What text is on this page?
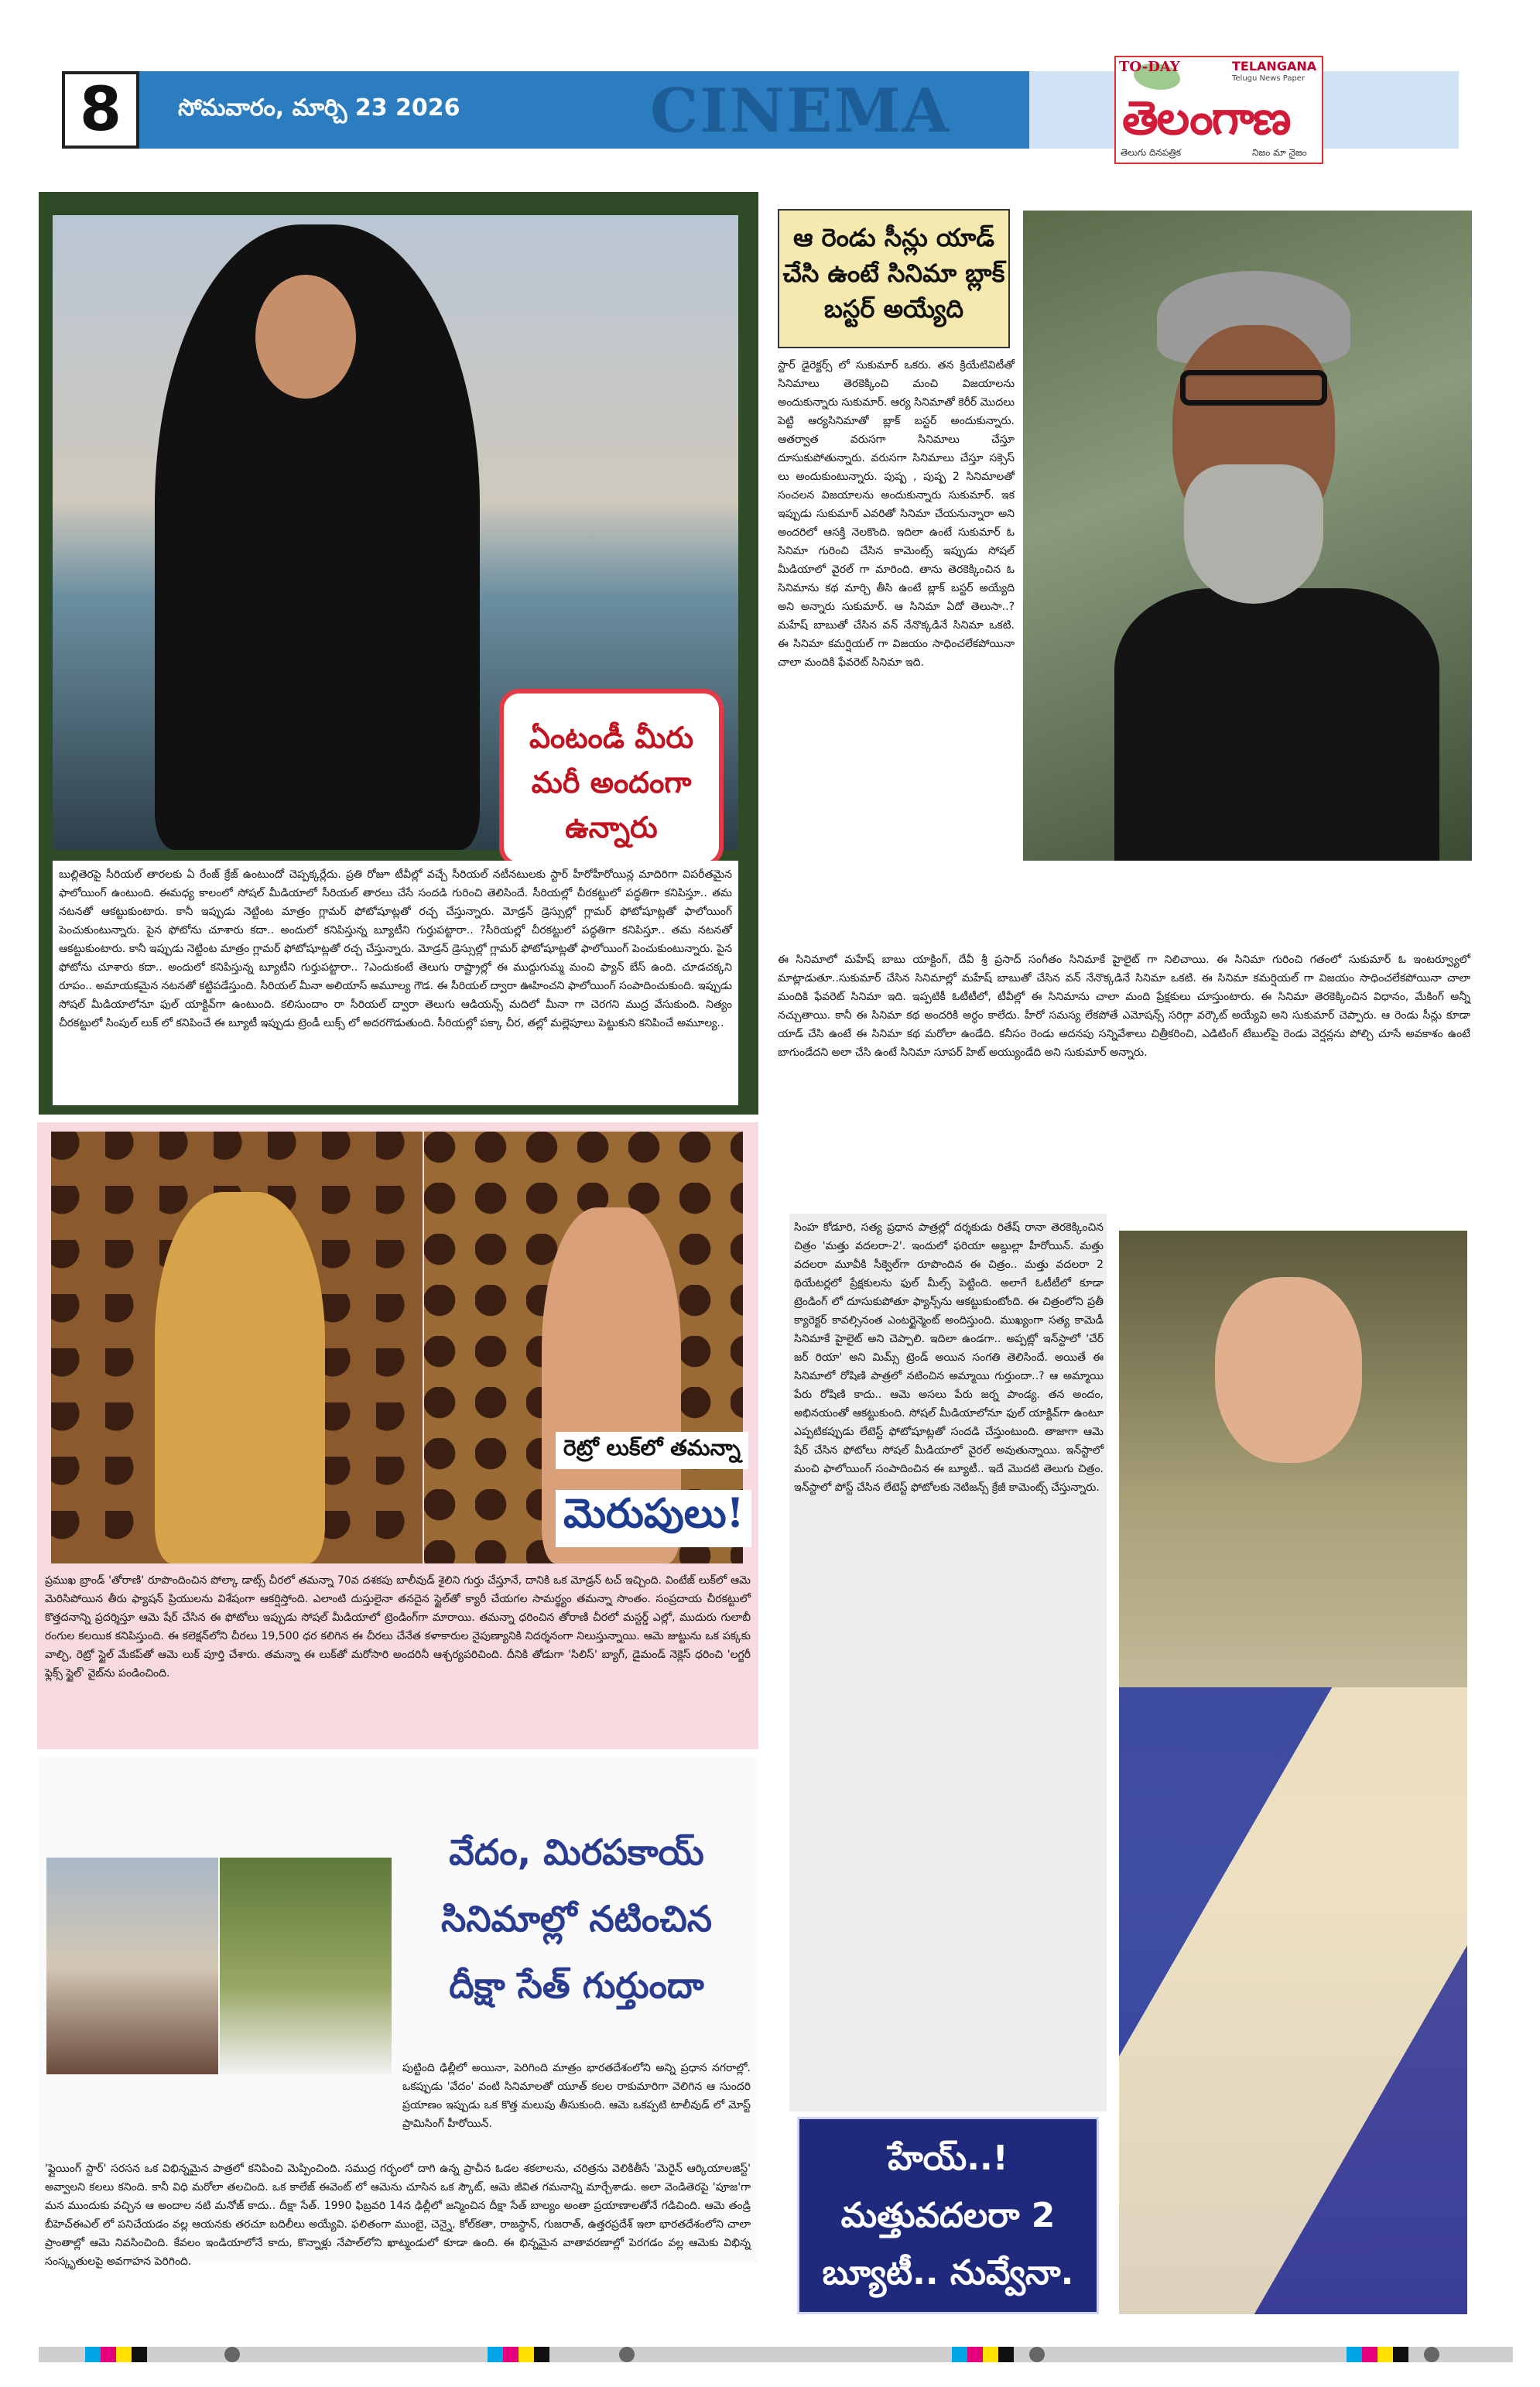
8	సోమవారం, మార్చి 23 2026	CINEMA
TO-DAY	TELANGANA
Telugu News Paper
తెలంగాణ
తెలుగు దినపత్రిక	నిజం మా నైజం
ఏంటండీ మీరు మరీ అందంగా ఉన్నారు

బుల్లితెరపై సీరియల్ తారలకు ఏ రేంజ్ క్రేజ్ ఉంటుందో చెప్పక్కర్లేదు. ప్రతి రోజూ టీవీల్లో వచ్చే సీరియల్ నటీనటులకు స్టార్ హీరోహీరోయిన్ల మాదిరిగా విపరీతమైన ఫాలోయింగ్ ఉంటుంది. ఈమధ్య కాలంలో సోషల్ మీడియాలో సీరియల్ తారలు చేసే సందడి గురించి తెలిసిందే. సీరియల్లో చీరకట్టులో పద్ధతిగా కనిపిస్తూ.. తమ నటనతో ఆకట్టుకుంటారు. కానీ ఇప్పుడు నెట్టింట మాత్రం గ్లామర్ ఫోటోషూట్లతో రచ్చ చేస్తున్నారు. మోడ్రన్ డ్రెస్సుల్లో గ్లామర్ ఫోటోషూట్లతో ఫాలోయింగ్ పెంచుకుంటున్నారు. పైన ఫోటోను చూశారు కదా.. అందులో కనిపిస్తున్న బ్యూటీని గుర్తుపట్టారా.. ?సీరియల్లో చీరకట్టులో పద్ధతిగా కనిపిస్తూ.. తమ నటనతో ఆకట్టుకుంటారు. కానీ ఇప్పుడు నెట్టింట మాత్రం గ్లామర్ ఫోటోషూట్లతో రచ్చ చేస్తున్నారు. మోడ్రన్ డ్రెస్సుల్లో గ్లామర్ ఫోటోషూట్లతో ఫాలోయింగ్ పెంచుకుంటున్నారు. పైన ఫోటోను చూశారు కదా.. అందులో కనిపిస్తున్న బ్యూటీని గుర్తుపట్టారా.. ?ఎందుకంటే తెలుగు రాష్ట్రాల్లో ఈ ముద్దుగుమ్మ మంచి ఫ్యాన్ బేస్ ఉంది. చూడచక్కని రూపం.. అమాయకమైన నటనతో కట్టిపడేస్తుంది. సీరియల్ మీనా అలియాస్ అమూల్య గౌడ. ఈ సీరియల్ ద్వారా ఊహించని ఫాలోయింగ్ సంపాదించుకుంది. ఇప్పుడు సోషల్ మీడియాలోనూ ఫుల్ యాక్టివ్‌గా ఉంటుంది. కలిసుందాం రా సీరియల్ ద్వారా తెలుగు ఆడియన్స్ మదిలో మీనా గా చెరగని ముద్ర వేసుకుంది. నిత్యం చీరకట్టులో సింపుల్ లుక్ లో కనిపించే ఈ బ్యూటీ ఇప్పుడు ట్రెండీ లుక్స్ లో అదరగొడుతుంది. సీరియల్లో పక్కా చీర, తల్లో మల్లెపూలు పెట్టుకుని కనిపించే అమూల్య..

ఆ రెండు సీన్లు యాడ్ చేసి ఉంటే సినిమా బ్లాక్ బస్టర్ అయ్యేది

స్టార్ డైరెక్టర్స్ లో సుకుమార్ ఒకరు. తన క్రియేటివిటీతో సినిమాలు తెరకెక్కించి మంచి విజయాలను అందుకున్నారు సుకుమార్. ఆర్య సినిమాతో కెరీర్ మొదలు పెట్టి ఆర్యసినిమాతో బ్లాక్ బస్టర్ అందుకున్నారు. ఆతర్వాత వరుసగా సినిమాలు చేస్తూ దూసుకుపోతున్నారు. వరుసగా సినిమాలు చేస్తూ సక్సెస్ లు అందుకుంటున్నారు. పుష్ప , పుష్ప 2 సినిమాలతో సంచలన విజయాలను అందుకున్నారు సుకుమార్. ఇక ఇప్పుడు సుకుమార్ ఎవరితో సినిమా చేయనున్నారా అని అందరిలో ఆసక్తి నెలకొంది. ఇదిలా ఉంటే సుకుమార్ ఓ సినిమా గురించి చేసిన కామెంట్స్ ఇప్పుడు సోషల్ మీడియాలో వైరల్ గా మారింది. తాను తెరకెక్కించిన ఓ సినిమాను కథ మార్చి తీసి ఉంటే బ్లాక్ బస్టర్ అయ్యేది అని అన్నారు సుకుమార్. ఆ సినిమా ఏదో తెలుసా..?మహేష్ బాబుతో చేసిన వన్ నేనొక్కడినే సినిమా ఒకటి. ఈ సినిమా కమర్షియల్ గా విజయం సాధించలేకపోయినా చాలా మందికి ఫేవరెట్ సినిమా ఇది.

ఈ సినిమాలో మహేష్ బాబు యాక్టింగ్, దేవీ శ్రీ ప్రసాద్ సంగీతం సినిమాకే హైలైట్ గా నిలిచాయి. ఈ సినిమా గురించి గతంలో సుకుమార్ ఓ ఇంటర్వ్యూలో మాట్లాడుతూ..సుకుమార్ చేసిన సినిమాల్లో మహేష్ బాబుతో చేసిన వన్ నేనొక్కడినే సినిమా ఒకటి. ఈ సినిమా కమర్షియల్ గా విజయం సాధించలేకపోయినా చాలా మందికి ఫేవరెట్ సినిమా ఇది. ఇప్పటికీ ఓటీటీలో, టీవీల్లో ఈ సినిమాను చాలా మంది ప్రేక్షకులు చూస్తుంటారు. ఈ సినిమా తెరకెక్కించిన విధానం, మేకింగ్ అన్నీ నచ్చుతాయి. కానీ ఈ సినిమా కథ అందరికి అర్ధం కాలేదు. హీరో సమస్య లేకపోతే ఎమోషన్స్ సరిగ్గా వర్కౌట్ అయ్యేవి అని సుకుమార్ చెప్పారు. ఆ రెండు సీన్లు కూడా యాడ్ చేసి ఉంటే ఈ సినిమా కథ మరోలా ఉండేది. కనీసం రెండు అదనపు సన్నివేశాలు చిత్రీకరించి, ఎడిటింగ్ టేబుల్‌పై రెండు వెర్షన్లను పోల్చి చూసే అవకాశం ఉంటే బాగుండేదని అలా చేసి ఉంటే సినిమా సూపర్ హిట్ అయ్యుండేది అని సుకుమార్ అన్నారు.

రెట్రో లుక్‌లో తమన్నా
మెరుపులు!

ప్రముఖ బ్రాండ్ 'తోరాణి' రూపొందించిన పోల్కా డాట్స్ చీరలో తమన్నా 70వ దశకపు బాలీవుడ్ శైలిని గుర్తు చేస్తూనే, దానికి ఒక మోడ్రన్ టచ్ ఇచ్చింది. వింటేజ్ లుక్‌లో ఆమె మెరిసిపోయిన తీరు ఫ్యాషన్ ప్రియులను విశేషంగా ఆకర్షిస్తోంది. ఎలాంటి దుస్తులైనా తనదైన స్టైల్‌తో క్యారీ చేయగల సామర్థ్యం తమన్నా సొంతం. సంప్రదాయ చీరకట్టులో కొత్తదనాన్ని ప్రదర్శిస్తూ ఆమె షేర్ చేసిన ఈ ఫోటోలు ఇప్పుడు సోషల్ మీడియాలో ట్రెండింగ్‌గా మారాయి. తమన్నా ధరించిన తోరాణి చీరలో మస్టర్డ్ ఎల్లో, ముదురు గులాబీ రంగుల కలయిక కనిపిస్తుంది. ఈ కలెక్షన్‌లోని చీరలు 19,500 ధర కలిగిన ఈ చీరలు చేనేత కళాకారుల నైపుణ్యానికి నిదర్శనంగా నిలుస్తున్నాయి. ఆమె జుట్టును ఒక పక్కకు వాల్చి, రెట్రో స్టైల్ మేకప్‌తో ఆమె లుక్ పూర్తి చేశారు. తమన్నా ఈ లుక్‌తో మరోసారి అందరినీ ఆశ్చర్యపరిచింది. దీనికి తోడుగా 'సిలిస్' బ్యాగ్, డైమండ్ నెక్లెస్ ధరించి 'లగ్జరీ ఫ్లెక్స్ స్టైల్' వైబ్‌ను పండించింది.

వేదం, మిరపకాయ్
సినిమాల్లో నటించిన
దీక్షా సేత్ గుర్తుందా

పుట్టింది ఢిల్లీలో అయినా, పెరిగింది మాత్రం భారతదేశంలోని అన్ని ప్రధాన నగరాల్లో. ఒకప్పుడు 'వేదం' వంటి సినిమాలతో యూత్ కలల రాకుమారిగా వెలిగిన ఆ సుందరి ప్రయాణం ఇప్పుడు ఒక కొత్త మలుపు తీసుకుంది. ఆమె ఒకప్పటి టాలీవుడ్ లో మోస్ట్ ప్రామిసింగ్ హీరోయిన్.

'ఫ్లైయింగ్ స్టార్' సరసన ఒక విభిన్నమైన పాత్రలో కనిపించి మెప్పించింది. సముద్ర గర్భంలో దాగి ఉన్న ప్రాచీన ఓడల శకలాలను, చరిత్రను వెలికితీసే 'మెరైన్ ఆర్కియాలజిస్ట్' అవ్వాలని కలలు కనింది. కానీ విధి మరోలా తలచింది. ఒక కాలేజ్ ఈవెంట్ లో ఆమెను చూసిన ఒక స్కౌట్, ఆమె జీవిత గమనాన్ని మార్చేశాడు. అలా వెండితెరపై 'పూజ'గా మన ముందుకు వచ్చిన ఆ అందాల నటి మనోజ్ కాదు.. దీక్షా సేత్. 1990 ఫిబ్రవరి 14న ఢిల్లీలో జన్మించిన దీక్షా సేత్ బాల్యం అంతా ప్రయాణాలతోనే గడిచింది. ఆమె తండ్రి బీహెచ్ఈఎల్ లో పనిచేయడం వల్ల ఆయనకు తరచూ బదిలీలు అయ్యేవి. ఫలితంగా ముంబై, చెన్నై, కోల్‌కతా, రాజస్థాన్, గుజరాత్, ఉత్తరప్రదేశ్ ఇలా భారతదేశంలోని చాలా ప్రాంతాల్లో ఆమె నివసించింది. కేవలం ఇండియాలోనే కాదు, కొన్నాళ్లు నేపాల్‌లోని ఖాట్మండులో కూడా ఉంది. ఈ భిన్నమైన వాతావరణాల్లో పెరగడం వల్ల ఆమెకు విభిన్న సంస్కృతులపై అవగాహన పెరిగింది.

సింహ కోడూరి, సత్య ప్రధాన పాత్రల్లో దర్శకుడు రితేష్ రానా తెరకెక్కించిన చిత్రం 'మత్తు వదలరా-2'. ఇందులో ఫరియా అబ్దుల్లా హీరోయిన్. మత్తు వదలరా మూవీకి సీక్వెల్‌గా రూపొందిన ఈ చిత్రం.. మత్తు వదలరా 2 థియేటర్లలో ప్రేక్షకులను ఫుల్ మీల్స్ పెట్టింది. అలాగే ఓటీటీలో కూడా ట్రెండింగ్ లో దూసుకుపోతూ ఫ్యాన్స్‌ను ఆకట్టుకుంటోంది. ఈ చిత్రంలోని ప్రతీ క్యారెక్టర్ కావల్సినంత ఎంటర్టైన్మెంట్ అందిస్తుంది. ముఖ్యంగా సత్య కామెడీ సినిమాకే హైలైట్ అని చెప్పాలి. ఇదిలా ఉండగా.. అప్పట్లో ఇన్‌స్టాలో 'చేర్ జర్ రియా' అని మిమ్స్ ట్రెండ్ అయిన సంగతి తెలిసిందే. అయితే ఈ సినిమాలో రోషిణి పాత్రలో నటించిన అమ్మాయి గుర్తుందా..? ఆ అమ్మాయి పేరు రోషిణి కాదు.. ఆమె అసలు పేరు జర్న పాండ్య. తన అందం, అభినయంతో ఆకట్టుకుంది. సోషల్ మీడియాలోనూ ఫుల్ యాక్టివ్‌గా ఉంటూ ఎప్పటికప్పుడు లేటెస్ట్ ఫోటోషూట్లతో సందడి చేస్తుంటుంది. తాజాగా ఆమె షేర్ చేసిన ఫోటోలు సోషల్ మీడియాలో వైరల్ అవుతున్నాయి. ఇన్‌స్టాలో మంచి ఫాలోయింగ్ సంపాదించిన ఈ బ్యూటీ.. ఇదే మొదటి తెలుగు చిత్రం. ఇన్‌స్టాలో పోస్ట్ చేసిన లేటెస్ట్ ఫోటోలకు నెటిజన్స్ క్రేజీ కామెంట్స్ చేస్తున్నారు.

హేయ్..!
మత్తువదలరా 2
బ్యూటీ.. నువ్వేనా.
